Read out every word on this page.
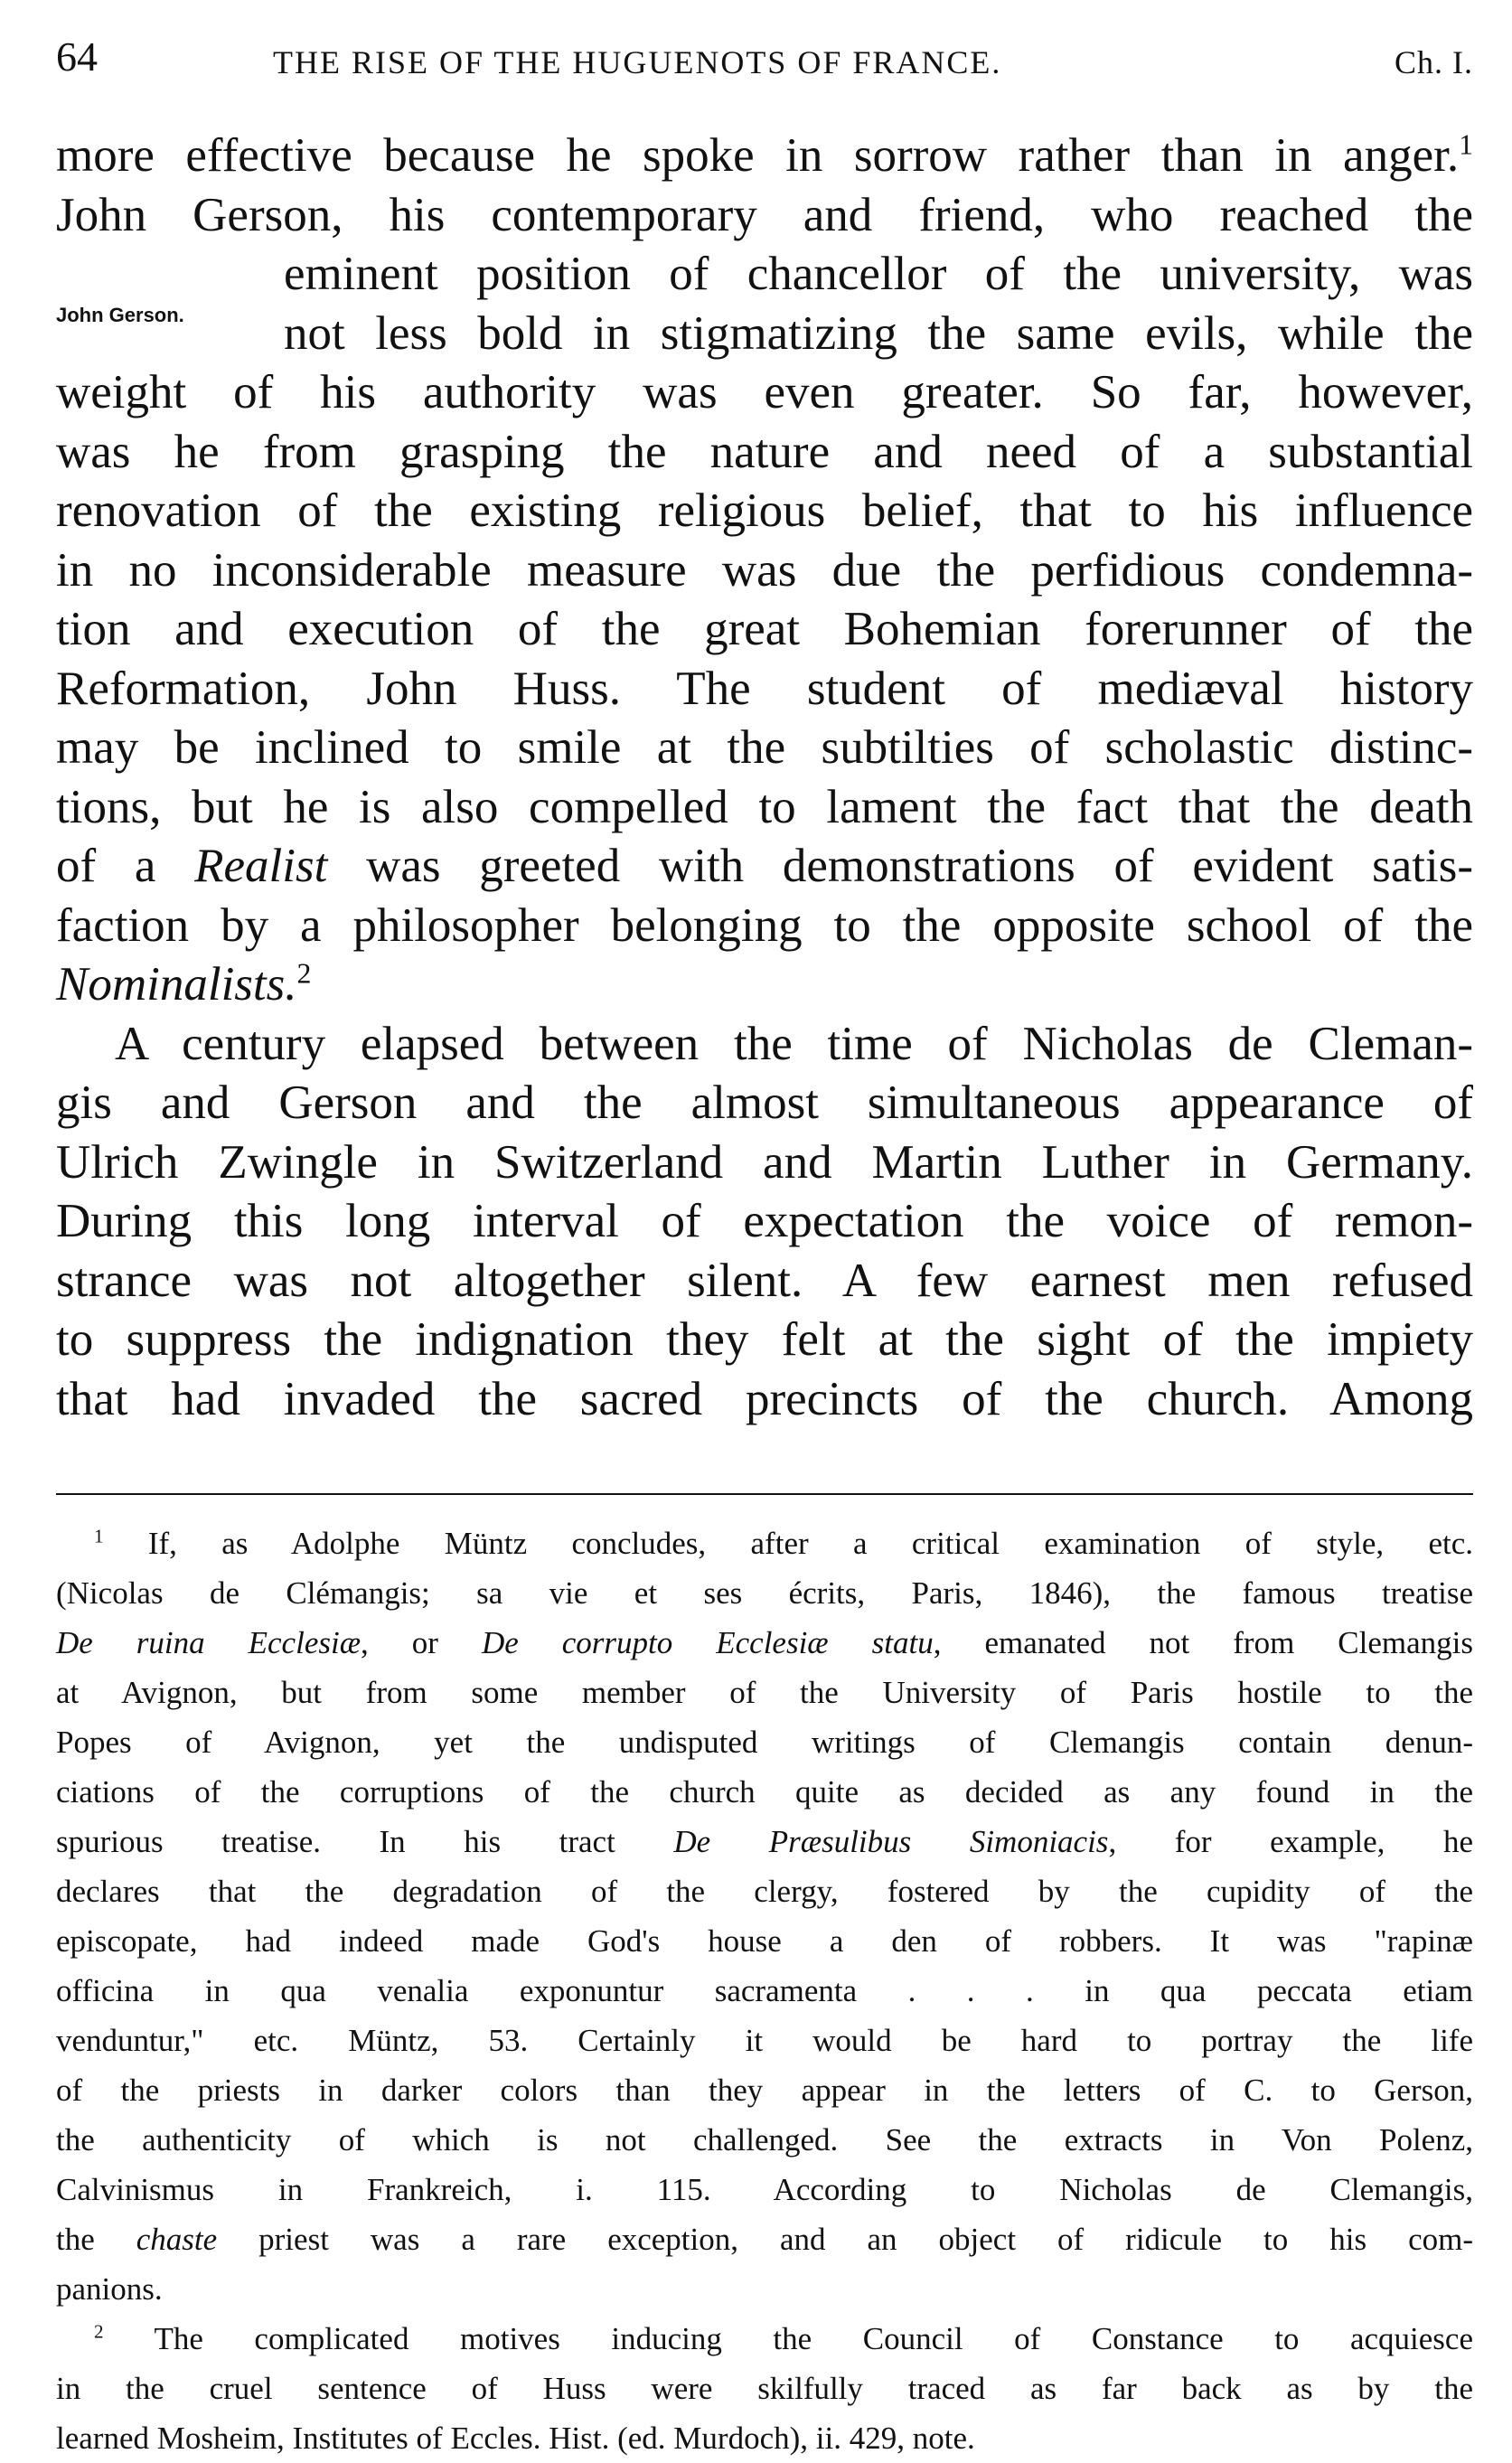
64	THE RISE OF THE HUGUENOTS OF FRANCE.	Ch. I.
John Gerson.
more effective because he spoke in sorrow rather than in anger.$^1$
John Gerson, his contemporary and friend, who reached the
eminent position of chancellor of the university, was
not less bold in stigmatizing the same evils, while the
weight of his authority was even greater. So far, however,
was he from grasping the nature and need of a substantial
renovation of the existing religious belief, that to his influence
in no inconsiderable measure was due the perfidious condemna-
tion and execution of the great Bohemian forerunner of the
Reformation, John Huss. The student of mediæval history
may be inclined to smile at the subtilties of scholastic distinc-
tions, but he is also compelled to lament the fact that the death
of a Realist was greeted with demonstrations of evident satis-
faction by a philosopher belonging to the opposite school of the
Nominalists.$^2$
A century elapsed between the time of Nicholas de Cleman-
gis and Gerson and the almost simultaneous appearance of
Ulrich Zwingle in Switzerland and Martin Luther in Germany.
During this long interval of expectation the voice of remon-
strance was not altogether silent. A few earnest men refused
to suppress the indignation they felt at the sight of the impiety
that had invaded the sacred precincts of the church. Among
$^1$ If, as Adolphe Müntz concludes, after a critical examination of style, etc.
(Nicolas de Clémangis; sa vie et ses écrits, Paris, 1846), the famous treatise
De ruina Ecclesiæ, or De corrupto Ecclesiæ statu, emanated not from Clemangis
at Avignon, but from some member of the University of Paris hostile to the
Popes of Avignon, yet the undisputed writings of Clemangis contain denun-
ciations of the corruptions of the church quite as decided as any found in the
spurious treatise. In his tract De Præsulibus Simoniacis, for example, he
declares that the degradation of the clergy, fostered by the cupidity of the
episcopate, had indeed made God's house a den of robbers. It was "rapinæ
officina in qua venalia exponuntur sacramenta . . . in qua peccata etiam
venduntur," etc. Müntz, 53. Certainly it would be hard to portray the life
of the priests in darker colors than they appear in the letters of C. to Gerson,
the authenticity of which is not challenged. See the extracts in Von Polenz,
Calvinismus in Frankreich, i. 115. According to Nicholas de Clemangis,
the chaste priest was a rare exception, and an object of ridicule to his com-
panions.
$^2$ The complicated motives inducing the Council of Constance to acquiesce
in the cruel sentence of Huss were skilfully traced as far back as by the
learned Mosheim, Institutes of Eccles. Hist. (ed. Murdoch), ii. 429, note.
